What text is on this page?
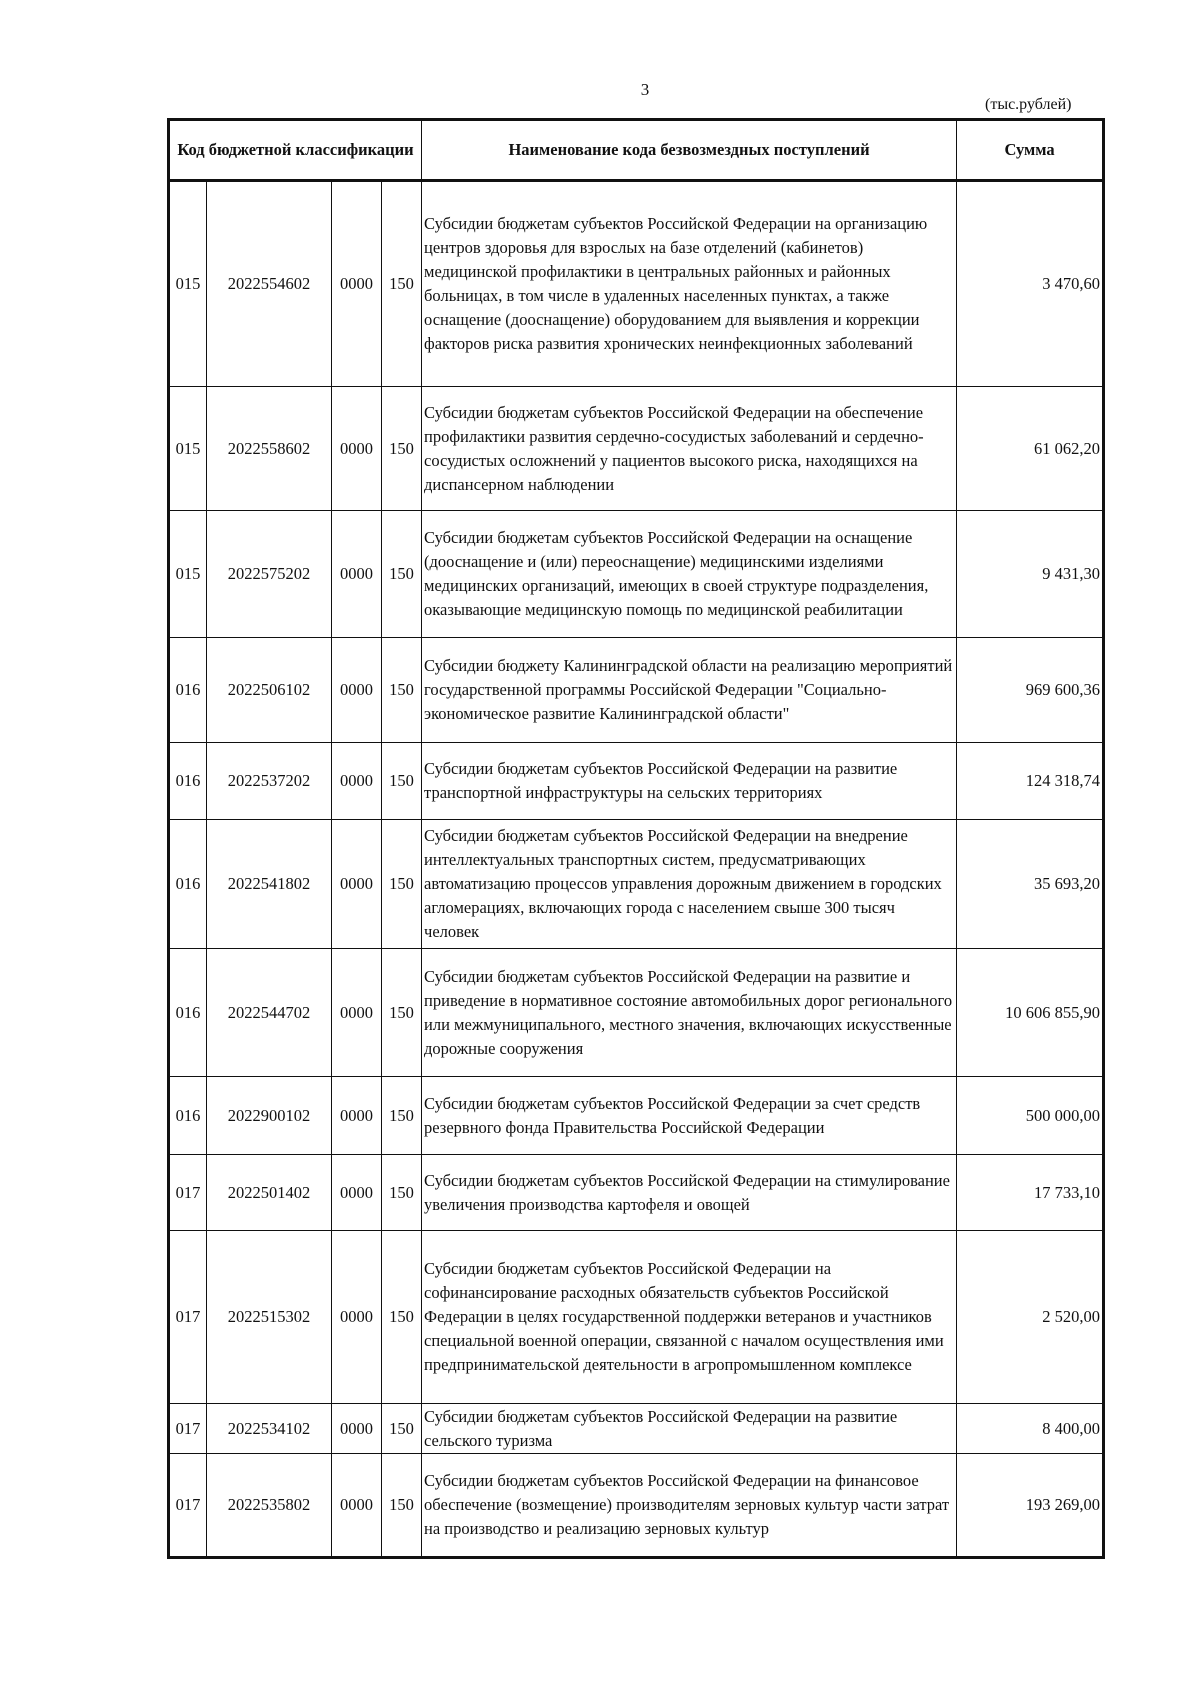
3
(тыс.рублей)
Код бюджетной классификации				Наименование кода безвозмездных поступлений	Сумма
015	2022554602	0000	150	Субсидии бюджетам субъектов Российской Федерации на организацию центров здоровья для взрослых на базе отделений (кабинетов) медицинской профилактики в центральных районных и районных больницах, в том числе в удаленных населенных пунктах, а также оснащение (дооснащение) оборудованием для выявления и коррекции факторов риска развития хронических неинфекционных заболеваний	3 470,60
015	2022558602	0000	150	Субсидии бюджетам субъектов Российской Федерации на обеспечение профилактики развития сердечно-сосудистых заболеваний и сердечно-сосудистых осложнений у пациентов высокого риска, находящихся на диспансерном наблюдении	61 062,20
015	2022575202	0000	150	Субсидии бюджетам субъектов Российской Федерации на оснащение (дооснащение и (или) переоснащение) медицинскими изделиями медицинских организаций, имеющих в своей структуре подразделения, оказывающие медицинскую помощь по медицинской реабилитации	9 431,30
016	2022506102	0000	150	Субсидии бюджету Калининградской области на реализацию мероприятий государственной программы Российской Федерации "Социально-экономическое развитие Калининградской области"	969 600,36
016	2022537202	0000	150	Субсидии бюджетам субъектов Российской Федерации на развитие транспортной инфраструктуры на сельских территориях	124 318,74
016	2022541802	0000	150	Субсидии бюджетам субъектов Российской Федерации на внедрение интеллектуальных транспортных систем, предусматривающих автоматизацию процессов управления дорожным движением в городских агломерациях, включающих города с населением свыше 300 тысяч человек	35 693,20
016	2022544702	0000	150	Субсидии бюджетам субъектов Российской Федерации на развитие и приведение в нормативное состояние автомобильных дорог регионального или межмуниципального, местного значения, включающих искусственные дорожные сооружения	10 606 855,90
016	2022900102	0000	150	Субсидии бюджетам субъектов Российской Федерации за счет средств резервного фонда Правительства Российской Федерации	500 000,00
017	2022501402	0000	150	Субсидии бюджетам субъектов Российской Федерации на стимулирование увеличения производства картофеля и овощей	17 733,10
017	2022515302	0000	150	Субсидии бюджетам субъектов Российской Федерации на софинансирование расходных обязательств субъектов Российской Федерации в целях государственной поддержки ветеранов и участников специальной военной операции, связанной с началом осуществления ими предпринимательской деятельности в агропромышленном комплексе	2 520,00
017	2022534102	0000	150	Субсидии бюджетам субъектов Российской Федерации на развитие сельского туризма	8 400,00
017	2022535802	0000	150	Субсидии бюджетам субъектов Российской Федерации на финансовое обеспечение (возмещение) производителям зерновых культур части затрат на производство и реализацию зерновых культур	193 269,00
